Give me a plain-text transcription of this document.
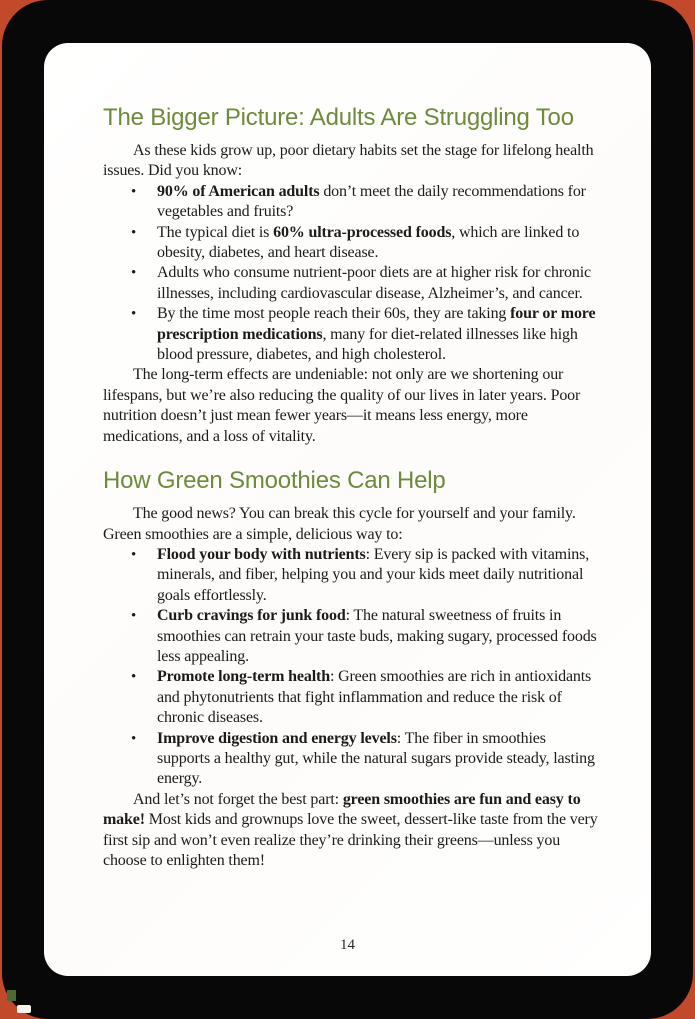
The Bigger Picture: Adults Are Struggling Too

As these kids grow up, poor dietary habits set the stage for lifelong health issues. Did you know:

• 90% of American adults don’t meet the daily recommendations for vegetables and fruits?
• The typical diet is 60% ultra-processed foods, which are linked to obesity, diabetes, and heart disease.
• Adults who consume nutrient-poor diets are at higher risk for chronic illnesses, including cardiovascular disease, Alzheimer’s, and cancer.
• By the time most people reach their 60s, they are taking four or more prescription medications, many for diet-related illnesses like high blood pressure, diabetes, and high cholesterol.

The long-term effects are undeniable: not only are we shortening our lifespans, but we’re also reducing the quality of our lives in later years. Poor nutrition doesn’t just mean fewer years—it means less energy, more medications, and a loss of vitality.

How Green Smoothies Can Help

The good news? You can break this cycle for yourself and your family. Green smoothies are a simple, delicious way to:

• Flood your body with nutrients: Every sip is packed with vitamins, minerals, and fiber, helping you and your kids meet daily nutritional goals effortlessly.
• Curb cravings for junk food: The natural sweetness of fruits in smoothies can retrain your taste buds, making sugary, processed foods less appealing.
• Promote long-term health: Green smoothies are rich in antioxidants and phytonutrients that fight inflammation and reduce the risk of chronic diseases.
• Improve digestion and energy levels: The fiber in smoothies supports a healthy gut, while the natural sugars provide steady, lasting energy.

And let’s not forget the best part: green smoothies are fun and easy to make! Most kids and grownups love the sweet, dessert-like taste from the very first sip and won’t even realize they’re drinking their greens—unless you choose to enlighten them!

14
